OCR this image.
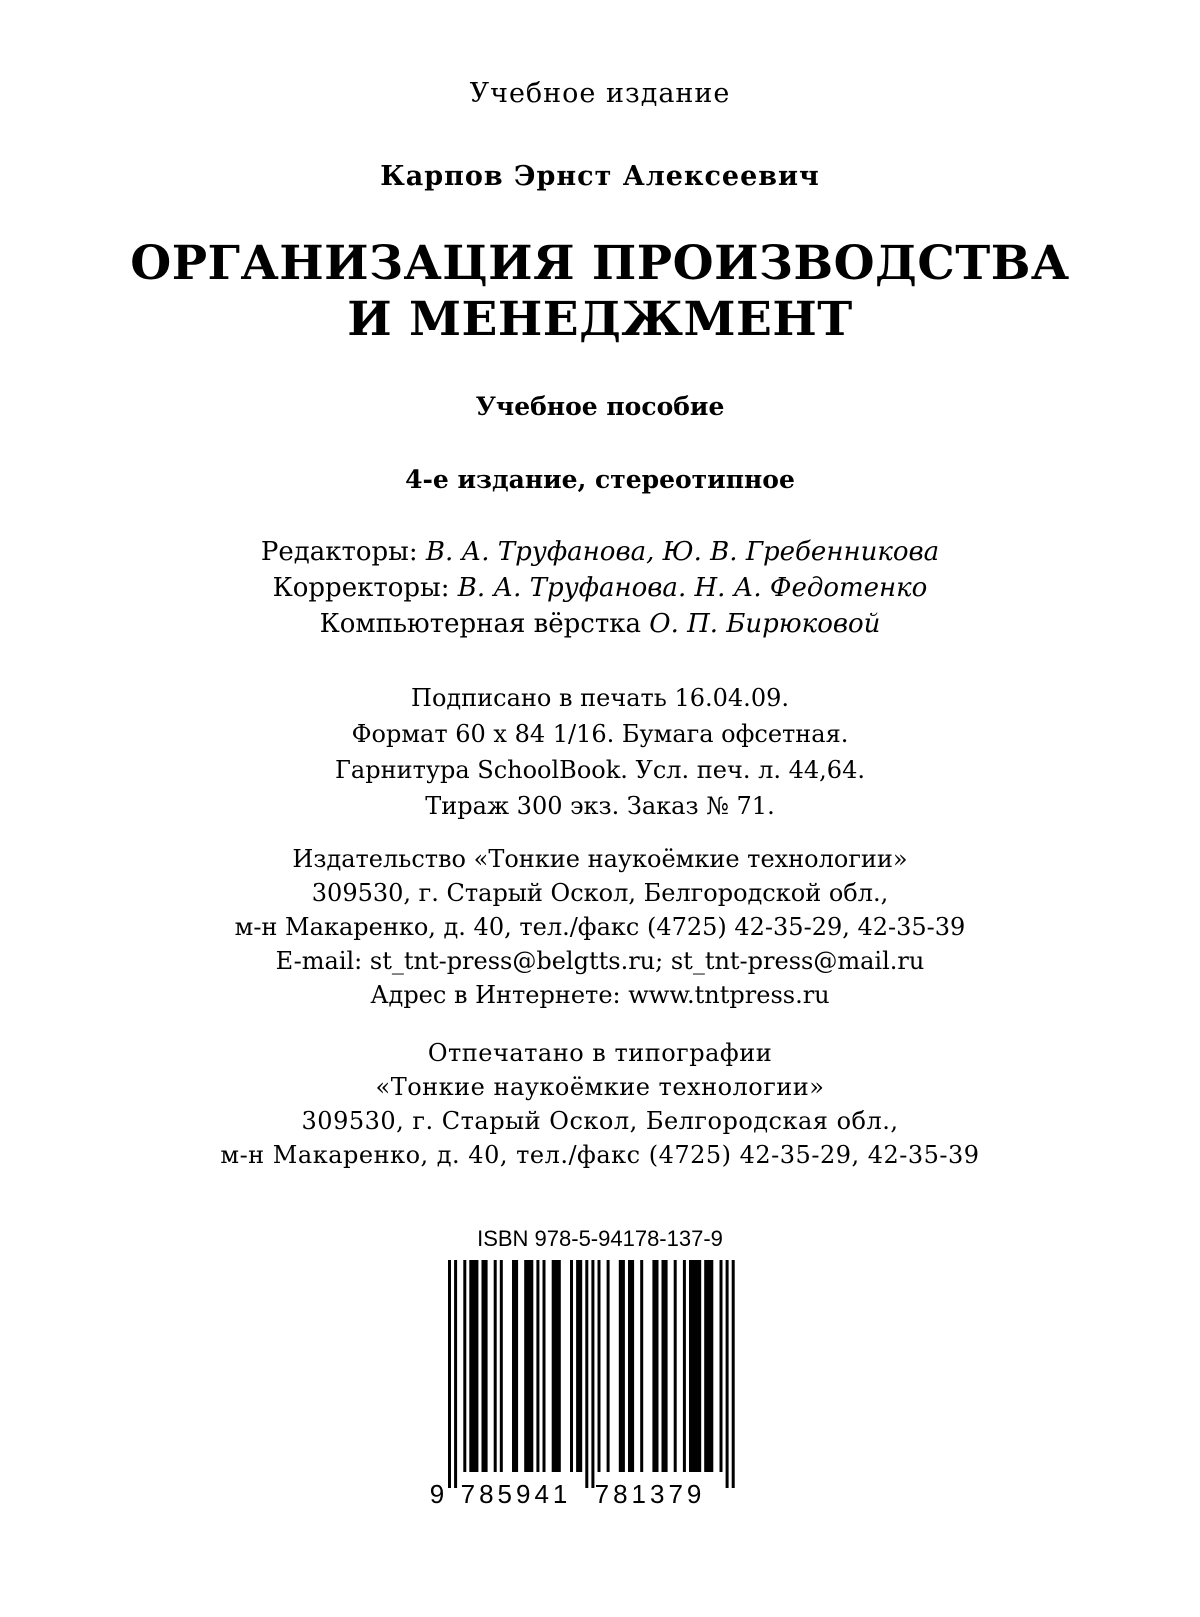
Учебное издание
Карпов Эрнст Алексеевич
ОРГАНИЗАЦИЯ ПРОИЗВОДСТВА
И МЕНЕДЖМЕНТ
Учебное пособие
4-е издание, стереотипное
Редакторы: В. А. Труфанова, Ю. В. Гребенникова
Корректоры: В. А. Труфанова. Н. А. Федотенко
Компьютерная вёрстка О. П. Бирюковой
Подписано в печать 16.04.09.
Формат 60 х 84 1/16. Бумага офсетная.
Гарнитура SchoolBook. Усл. печ. л. 44,64.
Тираж 300 экз. Заказ № 71.
Издательство «Тонкие наукоёмкие технологии»
309530, г. Старый Оскол, Белгородской обл.,
м-н Макаренко, д. 40, тел./факс (4725) 42-35-29, 42-35-39
E-mail: st_tnt-press@belgtts.ru; st_tnt-press@mail.ru
Адрес в Интернете: www.tntpress.ru
Отпечатано в типографии
«Тонкие наукоёмкие технологии»
309530, г. Старый Оскол, Белгородская обл.,
м-н Макаренко, д. 40, тел./факс (4725) 42-35-29, 42-35-39
ISBN 978-5-94178-137-9
9 785941 781379
